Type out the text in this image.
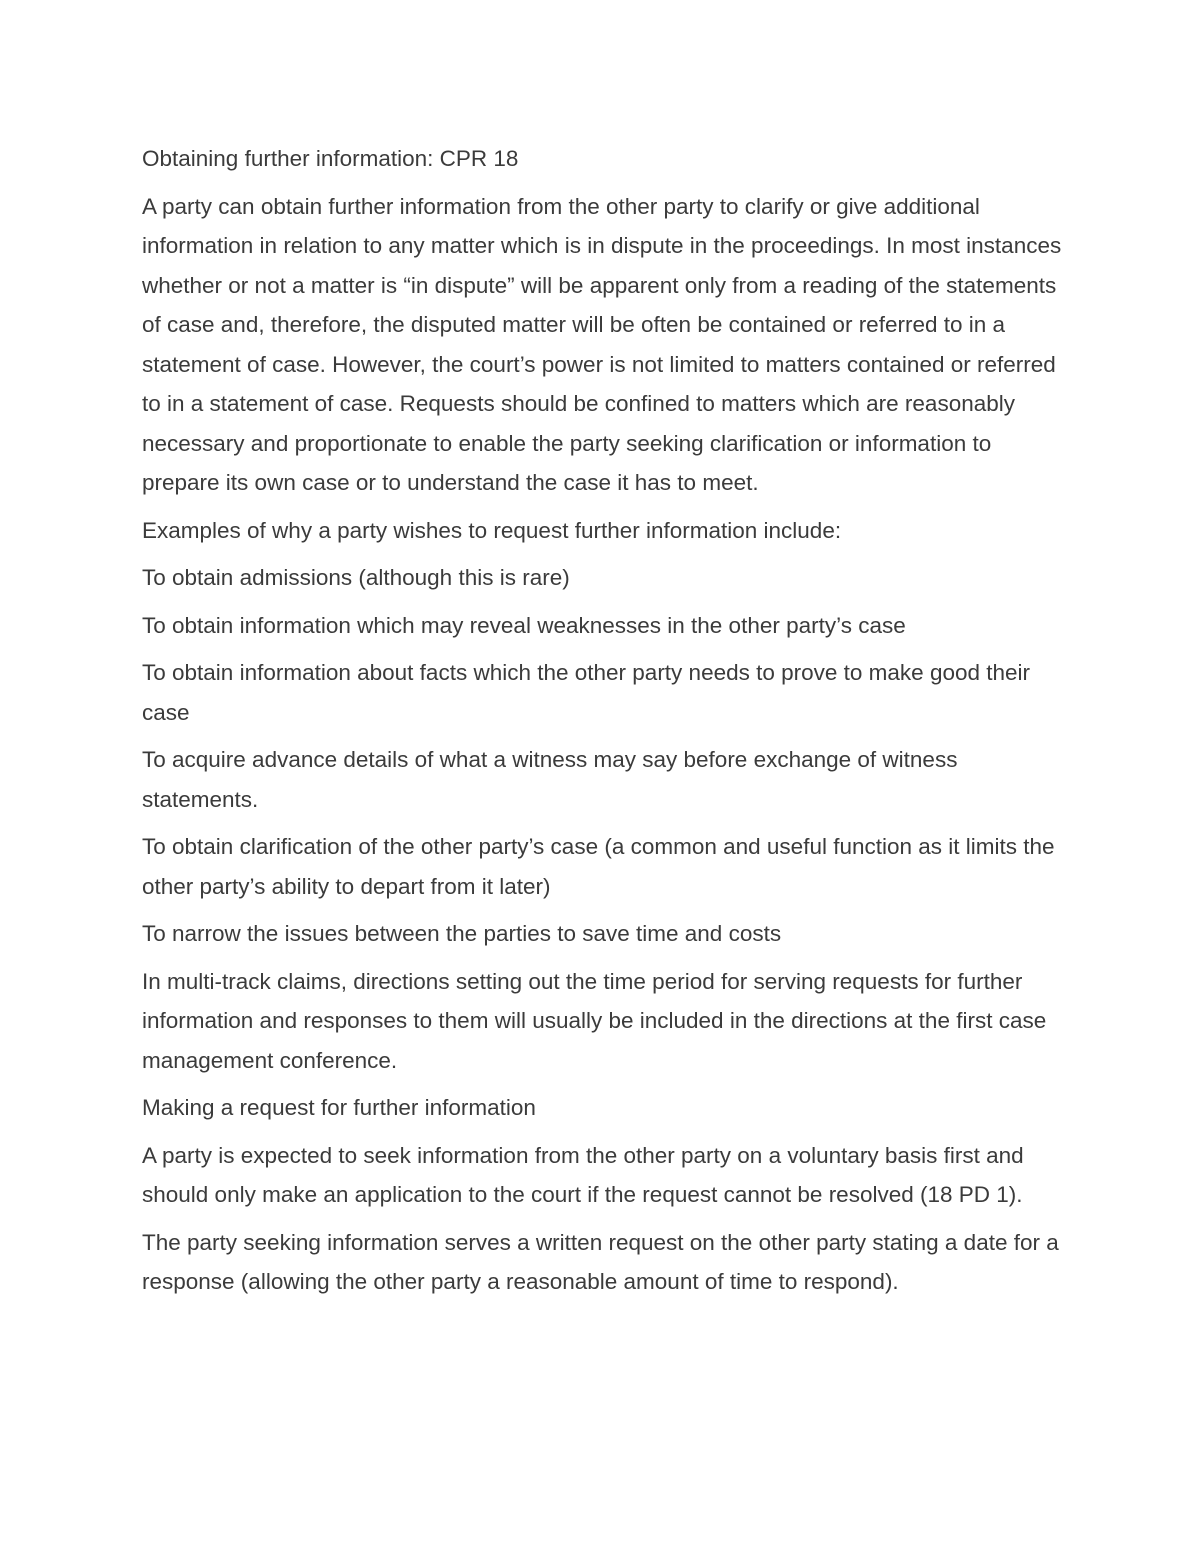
Obtaining further information: CPR 18

A party can obtain further information from the other party to clarify or give additional information in relation to any matter which is in dispute in the proceedings. In most instances whether or not a matter is “in dispute” will be apparent only from a reading of the statements of case and, therefore, the disputed matter will be often be contained or referred to in a statement of case. However, the court’s power is not limited to matters contained or referred to in a statement of case. Requests should be confined to matters which are reasonably necessary and proportionate to enable the party seeking clarification or information to prepare its own case or to understand the case it has to meet.

Examples of why a party wishes to request further information include:

To obtain admissions (although this is rare)

To obtain information which may reveal weaknesses in the other party’s case

To obtain information about facts which the other party needs to prove to make good their case

To acquire advance details of what a witness may say before exchange of witness statements.

To obtain clarification of the other party’s case (a common and useful function as it limits the other party’s ability to depart from it later)

To narrow the issues between the parties to save time and costs

In multi-track claims, directions setting out the time period for serving requests for further information and responses to them will usually be included in the directions at the first case management conference.

Making a request for further information

A party is expected to seek information from the other party on a voluntary basis first and should only make an application to the court if the request cannot be resolved (18 PD 1).

The party seeking information serves a written request on the other party stating a date for a response (allowing the other party a reasonable amount of time to respond).
